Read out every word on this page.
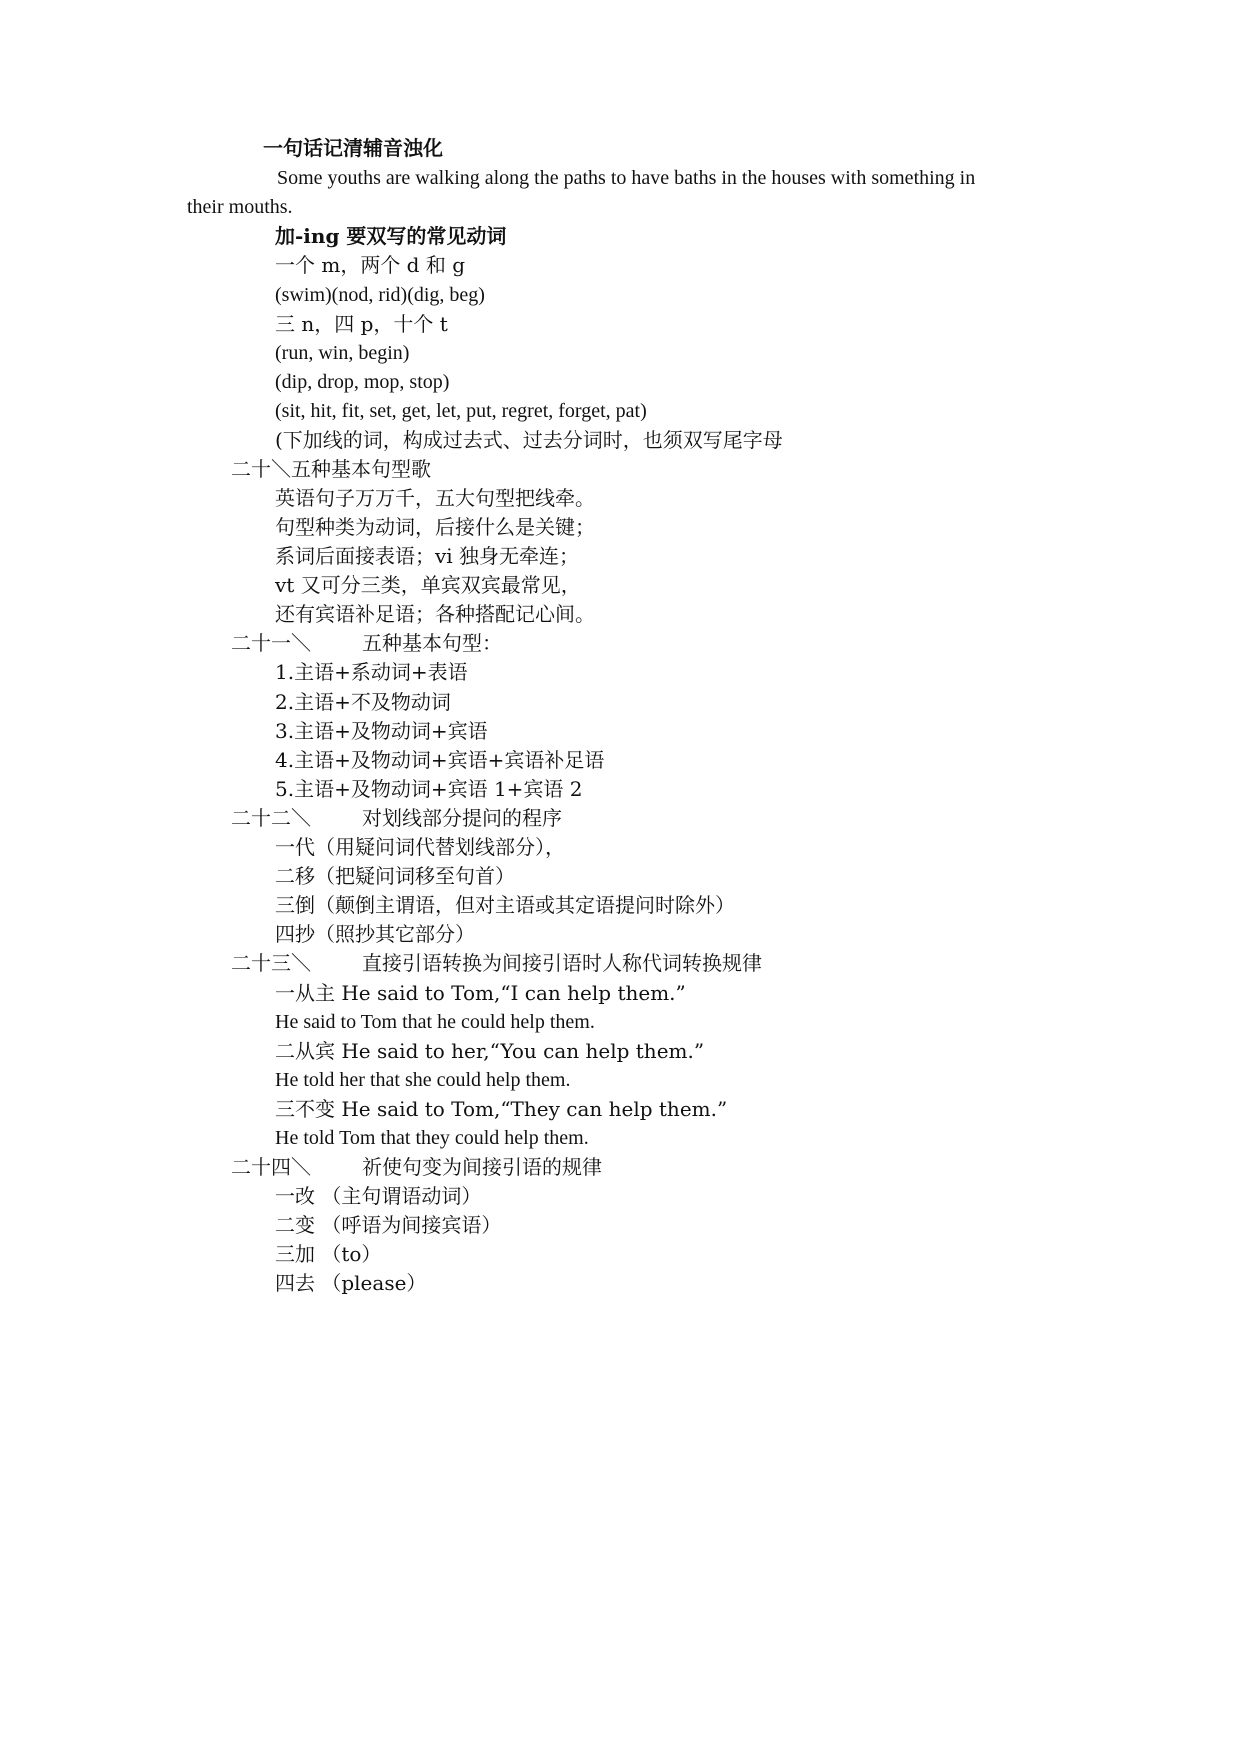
一句话记清辅音浊化
Some youths are walking along the paths to have baths in the houses with something in
their mouths.
加-ing 要双写的常见动词
一个 m，两个 d 和 g
(swim)(nod, rid)(dig, beg)
三 n，四 p，十个 t
(run, win, begin)
(dip, drop, mop, stop)
(sit, hit, fit, set, get, let, put, regret, forget, pat)
(下加线的词，构成过去式、过去分词时，也须双写尾字母
二十＼五种基本句型歌
英语句子万万千，五大句型把线牵。
句型种类为动词，后接什么是关键；
系词后面接表语；vi 独身无牵连；
vt 又可分三类，单宾双宾最常见，
还有宾语补足语；各种搭配记心间。
二十一＼	五种基本句型：
1.主语+系动词+表语
2.主语+不及物动词
3.主语+及物动词+宾语
4.主语+及物动词+宾语+宾语补足语
5.主语+及物动词+宾语 1+宾语 2
二十二＼	对划线部分提问的程序
一代（用疑问词代替划线部分），
二移（把疑问词移至句首）
三倒（颠倒主谓语，但对主语或其定语提问时除外）
四抄（照抄其它部分）
二十三＼	直接引语转换为间接引语时人称代词转换规律
一从主 He said to Tom,“I can help them.”
He said to Tom that he could help them.
二从宾 He said to her,“You can help them.”
He told her that she could help them.
三不变 He said to Tom,“They can help them.”
He told Tom that they could help them.
二十四＼	祈使句变为间接引语的规律
一改 （主句谓语动词）
二变 （呼语为间接宾语）
三加 （to）
四去 （please）
